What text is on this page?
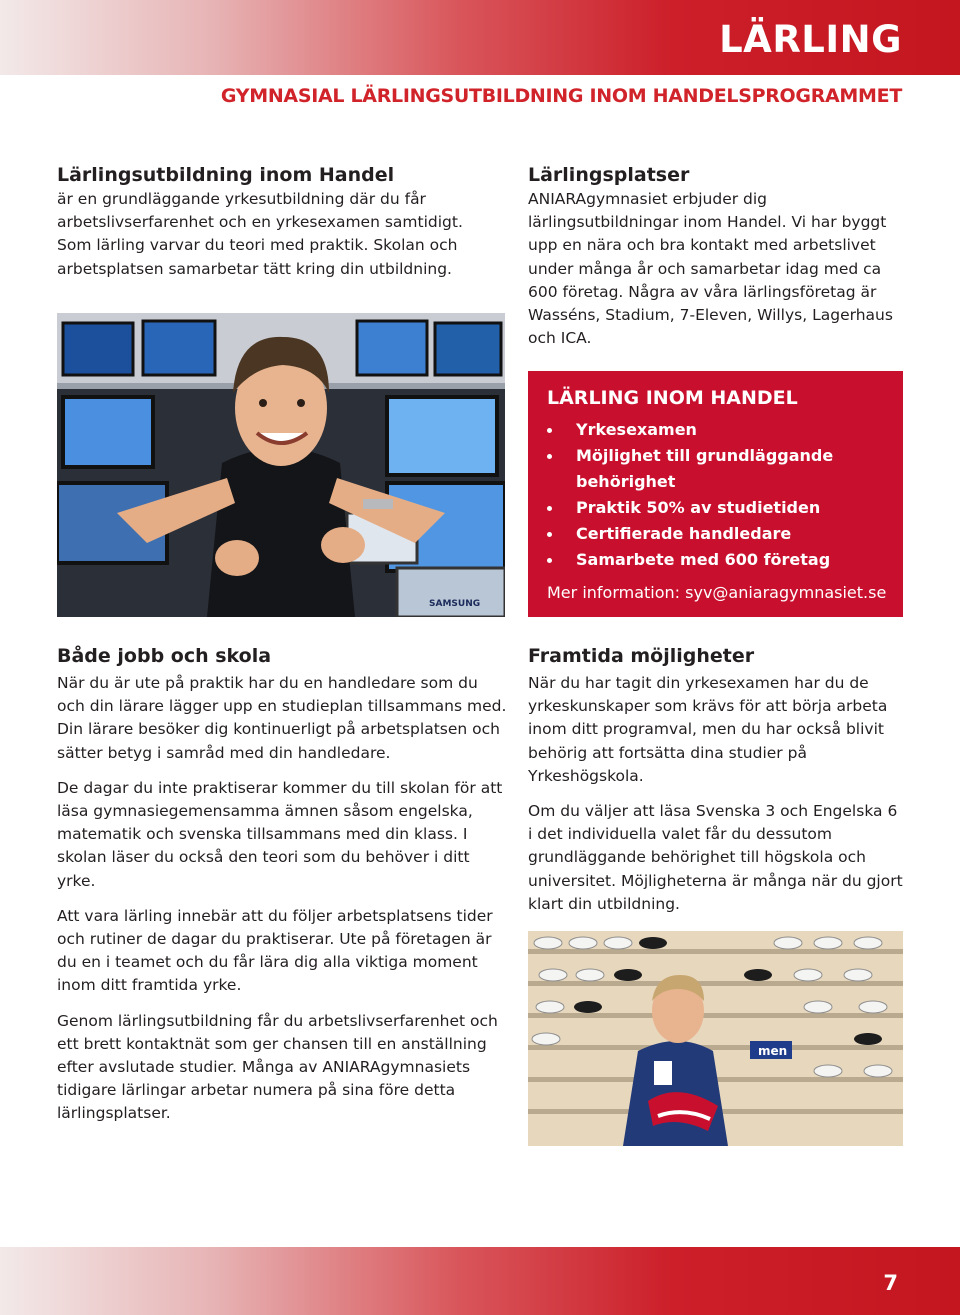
LÄRLING
GYMNASIAL LÄRLINGSUTBILDNING INOM HANDELSPROGRAMMET
Lärlingsutbildning inom Handel
är en grundläggande yrkesutbildning där du får
arbetslivserfarenhet och en yrkesexamen samtidigt.
Som lärling varvar du teori med praktik. Skolan och
arbetsplatsen samarbetar tätt kring din utbildning.
Lärlingsplatser
ANIARAgymnasiet erbjuder dig
lärlingsutbildningar inom Handel. Vi har byggt
upp en nära och bra kontakt med arbetslivet
under många år och samarbetar idag med ca
600 företag. Några av våra lärlingsföretag är
Wasséns, Stadium, 7-Eleven, Willys, Lagerhaus
och ICA.
SAMSUNG
LÄRLING INOM HANDEL
Yrkesexamen
Möjlighet till grundläggande behörighet
Praktik 50% av studietiden
Certifierade handledare
Samarbete med 600 företag
Mer information: syv@aniaragymnasiet.se
Både jobb och skola

När du är ute på praktik har du en handledare som du och din lärare lägger upp en studieplan tillsammans med. Din lärare besöker dig kontinuerligt på arbetsplatsen och sätter betyg i samråd med din handledare.

De dagar du inte praktiserar kommer du till skolan för att läsa gymnasiegemensamma ämnen såsom engelska, matematik och svenska tillsammans med din klass. I skolan läser du också den teori som du behöver i ditt yrke.

Att vara lärling innebär att du följer arbetsplatsens tider och rutiner de dagar du praktiserar. Ute på företagen är du en i teamet och du får lära dig alla viktiga moment inom ditt framtida yrke.

Genom lärlingsutbildning får du arbetslivserfarenhet och ett brett kontaktnät som ger chansen till en anställning efter avslutade studier. Många av ANIARAgymnasiets tidigare lärlingar arbetar numera på sina före detta lärlingsplatser.

Framtida möjligheter

När du har tagit din yrkesexamen har du de yrkeskunskaper som krävs för att börja arbeta inom ditt programval, men du har också blivit behörig att fortsätta dina studier på Yrkeshögskola.

Om du väljer att läsa Svenska 3 och Engelska 6 i det individuella valet får du dessutom grundläggande behörighet till högskola och universitet. Möjligheterna är många när du gjort klart din utbildning.

men
7
